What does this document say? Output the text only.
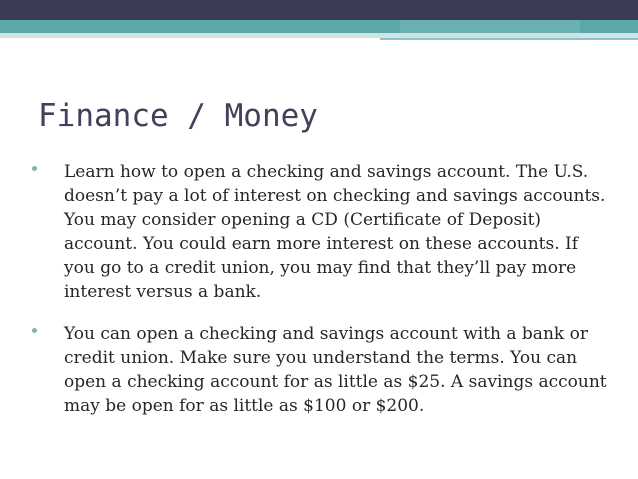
Finance / Money
Learn how to open a checking and savings account. The U.S.
doesn’t pay a lot of interest on checking and savings accounts.
You may consider opening a CD (Certificate of Deposit)
account. You could earn more interest on these accounts. If
you go to a credit union, you may find that they’ll pay more
interest versus a bank.
You can open a checking and savings account with a bank or
credit union. Make sure you understand the terms. You can
open a checking account for as little as $25. A savings account
may be open for as little as $100 or $200.
